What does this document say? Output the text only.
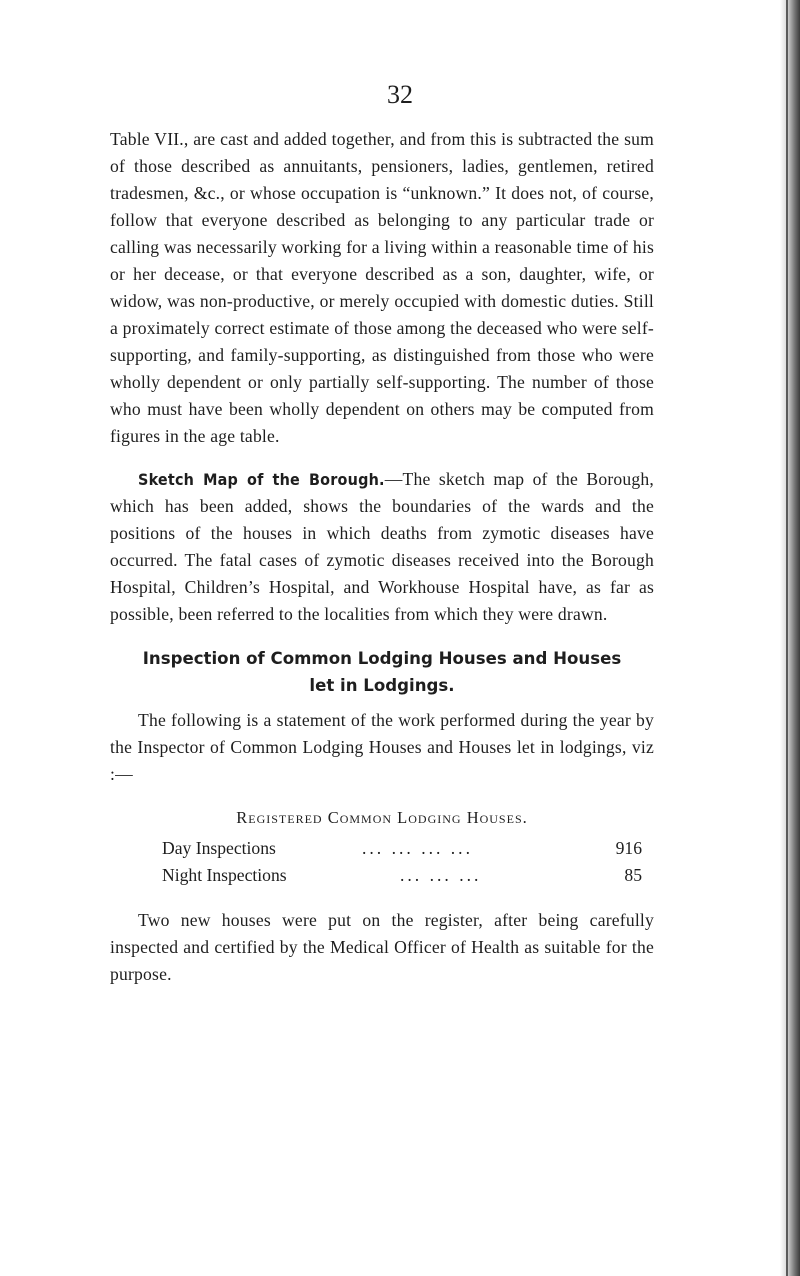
32

Table VII., are cast and added together, and from this is subtracted the sum of those described as annuitants, pensioners, ladies, gentlemen, retired tradesmen, &c., or whose occupation is “unknown.” It does not, of course, follow that everyone described as belonging to any particular trade or calling was necessarily working for a living within a reasonable time of his or her decease, or that everyone described as a son, daughter, wife, or widow, was non-productive, or merely occupied with domestic duties. Still a proximately correct estimate of those among the deceased who were self-supporting, and family-supporting, as distinguished from those who were wholly dependent or only partially self-supporting. The number of those who must have been wholly dependent on others may be computed from figures in the age table.

Sketch Map of the Borough.—The sketch map of the Borough, which has been added, shows the boundaries of the wards and the positions of the houses in which deaths from zymotic diseases have occurred. The fatal cases of zymotic diseases received into the Borough Hospital, Children’s Hospital, and Workhouse Hospital have, as far as possible, been referred to the localities from which they were drawn.

Inspection of Common Lodging Houses and Houses

let in Lodgings.

The following is a statement of the work performed during the year by the Inspector of Common Lodging Houses and Houses let in lodgings, viz :—

Registered Common Lodging Houses.

Day Inspections	... ... ... ...	916
Night Inspections	... ... ...	85

Two new houses were put on the register, after being carefully inspected and certified by the Medical Officer of Health as suitable for the purpose.
